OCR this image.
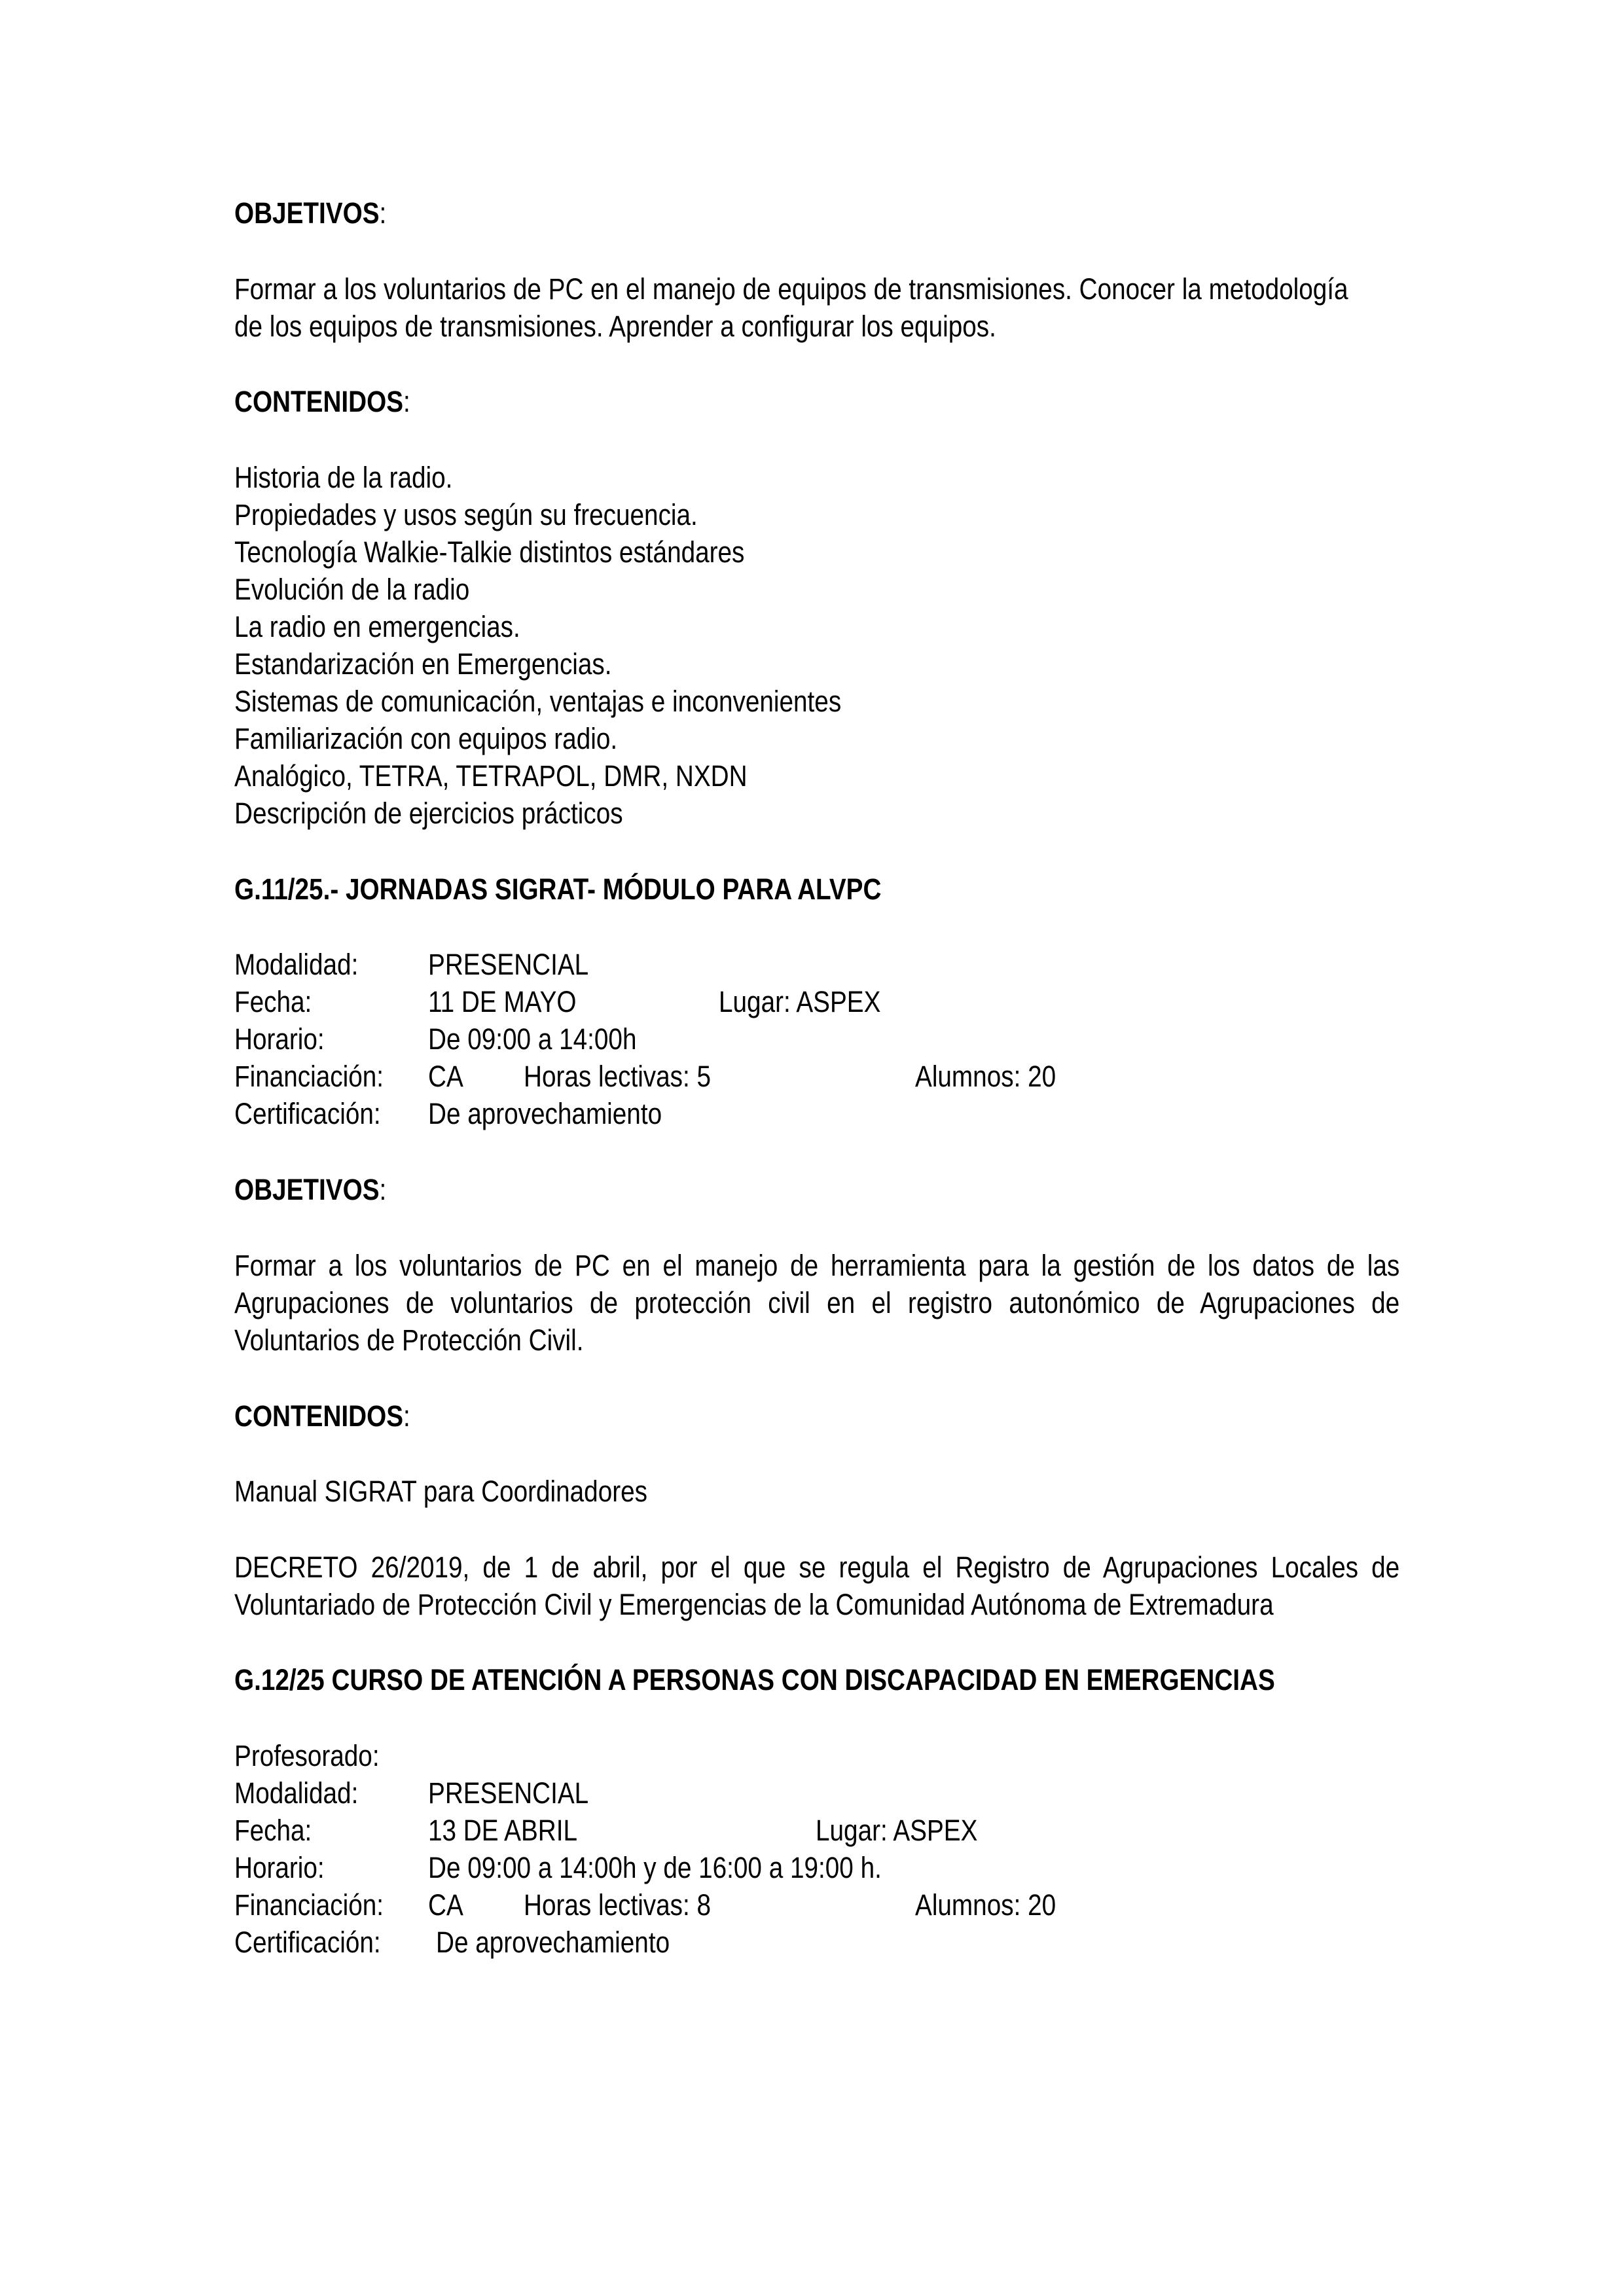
OBJETIVOS:
Formar a los voluntarios de PC en el manejo de equipos de transmisiones. Conocer la metodología
de los equipos de transmisiones. Aprender a configurar los equipos.
CONTENIDOS:
Historia de la radio.
Propiedades y usos según su frecuencia.
Tecnología Walkie-Talkie distintos estándares
Evolución de la radio
La radio en emergencias.
Estandarización en Emergencias.
Sistemas de comunicación, ventajas e inconvenientes
Familiarización con equipos radio.
Analógico, TETRA, TETRAPOL, DMR, NXDN
Descripción de ejercicios prácticos
G.11/25.- JORNADAS SIGRAT- MÓDULO PARA ALVPC
Modalidad: PRESENCIAL
Fecha:	11 DE MAYO	Lugar: ASPEX
Horario:	De 09:00 a 14:00h
Financiación: CA Horas lectivas: 5	Alumnos: 20
Certificación: De aprovechamiento
OBJETIVOS:
Formar a los voluntarios de PC en el manejo de herramienta para la gestión de los datos de las
Agrupaciones de voluntarios de protección civil en el registro autonómico de Agrupaciones de
Voluntarios de Protección Civil.
CONTENIDOS:
Manual SIGRAT para Coordinadores
DECRETO 26/2019, de 1 de abril, por el que se regula el Registro de Agrupaciones Locales de
Voluntariado de Protección Civil y Emergencias de la Comunidad Autónoma de Extremadura
G.12/25 CURSO DE ATENCIÓN A PERSONAS CON DISCAPACIDAD EN EMERGENCIAS
Profesorado:
Modalidad: PRESENCIAL
Fecha:	13 DE ABRIL	Lugar: ASPEX
Horario:	De 09:00 a 14:00h y de 16:00 a 19:00 h.
Financiación: CA Horas lectivas: 8	Alumnos: 20
Certificación: De aprovechamiento
